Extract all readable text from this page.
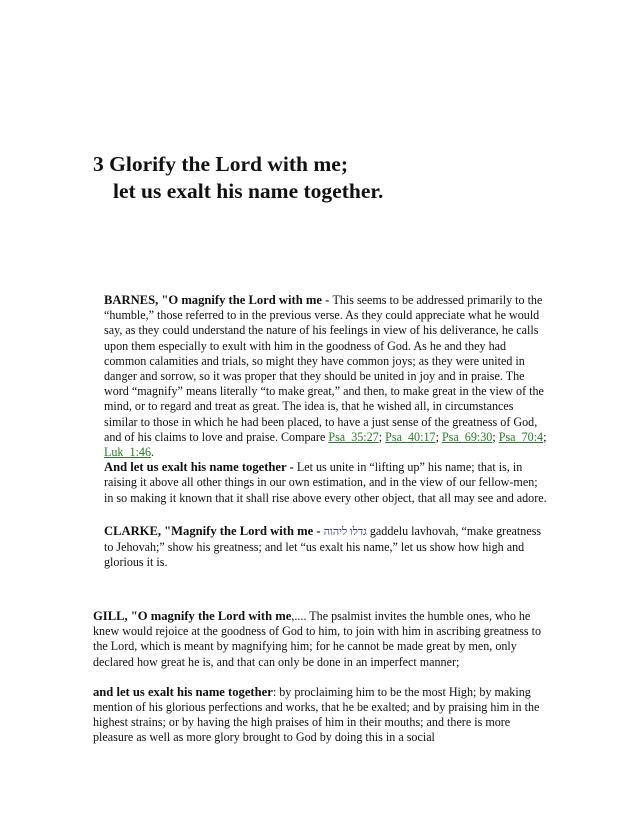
3 Glorify the Lord with me;
let us exalt his name together.
BARNES, "O magnify the Lord with me - This seems to be addressed primarily to the “humble,” those referred to in the previous verse. As they could appreciate what he would say, as they could understand the nature of his feelings in view of his deliverance, he calls upon them especially to exult with him in the goodness of God. As he and they had common calamities and trials, so might they have common joys; as they were united in danger and sorrow, so it was proper that they should be united in joy and in praise. The word “magnify” means literally “to make great,” and then, to make great in the view of the mind, or to regard and treat as great. The idea is, that he wished all, in circumstances similar to those in which he had been placed, to have a just sense of the greatness of God, and of his claims to love and praise. Compare Psa_35:27; Psa_40:17; Psa_69:30; Psa_70:4; Luk_1:46.
And let us exalt his name together - Let us unite in “lifting up” his name; that is, in raising it above all other things in our own estimation, and in the view of our fellow-men; in so making it known that it shall rise above every other object, that all may see and adore.
CLARKE, "Magnify the Lord with me - גדלו ליהוה gaddelu lavhovah, “make greatness to Jehovah;” show his greatness; and let “us exalt his name,” let us show how high and glorious it is.
GILL, "O magnify the Lord with me,.... The psalmist invites the humble ones, who he knew would rejoice at the goodness of God to him, to join with him in ascribing greatness to the Lord, which is meant by magnifying him; for he cannot be made great by men, only declared how great he is, and that can only be done in an imperfect manner;
and let us exalt his name together: by proclaiming him to be the most High; by making mention of his glorious perfections and works, that he be exalted; and by praising him in the highest strains; or by having the high praises of him in their mouths; and there is more pleasure as well as more glory brought to God by doing this in a social
